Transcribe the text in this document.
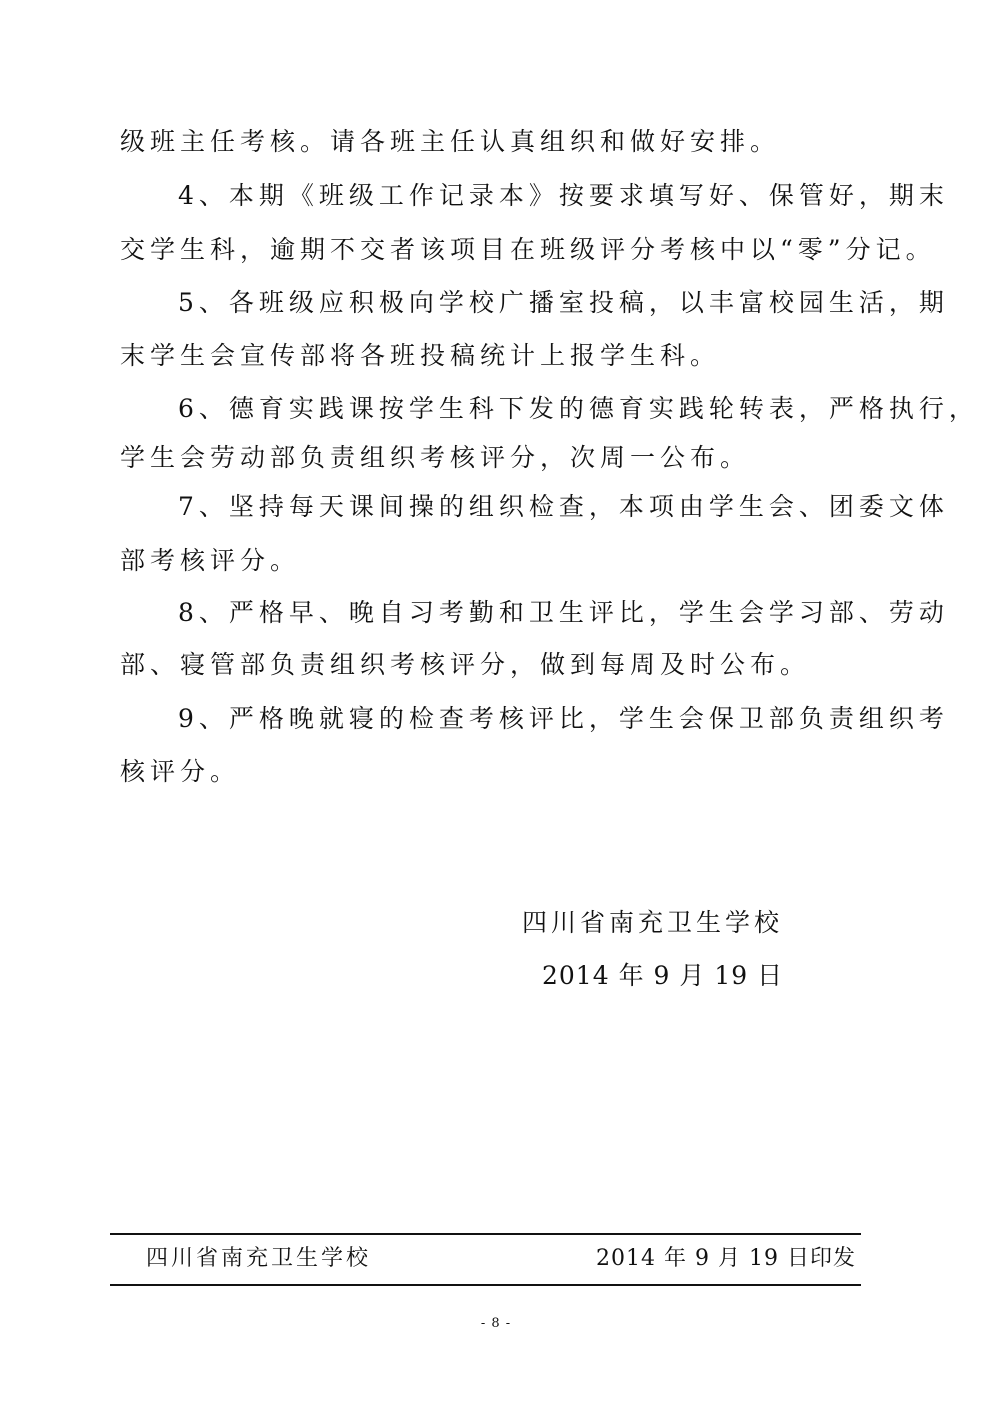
级班主任考核。请各班主任认真组织和做好安排。
4、本期《班级工作记录本》按要求填写好、保管好，期末
交学生科，逾期不交者该项目在班级评分考核中以“零”分记。
5、各班级应积极向学校广播室投稿，以丰富校园生活，期
末学生会宣传部将各班投稿统计上报学生科。
6、德育实践课按学生科下发的德育实践轮转表，严格执行，
学生会劳动部负责组织考核评分，次周一公布。
7、坚持每天课间操的组织检查，本项由学生会、团委文体
部考核评分。
8、严格早、晚自习考勤和卫生评比，学生会学习部、劳动
部、寝管部负责组织考核评分，做到每周及时公布。
9、严格晚就寝的检查考核评比，学生会保卫部负责组织考
核评分。
四川省南充卫生学校
2014 年 9 月 19 日
四川省南充卫生学校	2014 年 9 月 19 日印发
- 8 -
